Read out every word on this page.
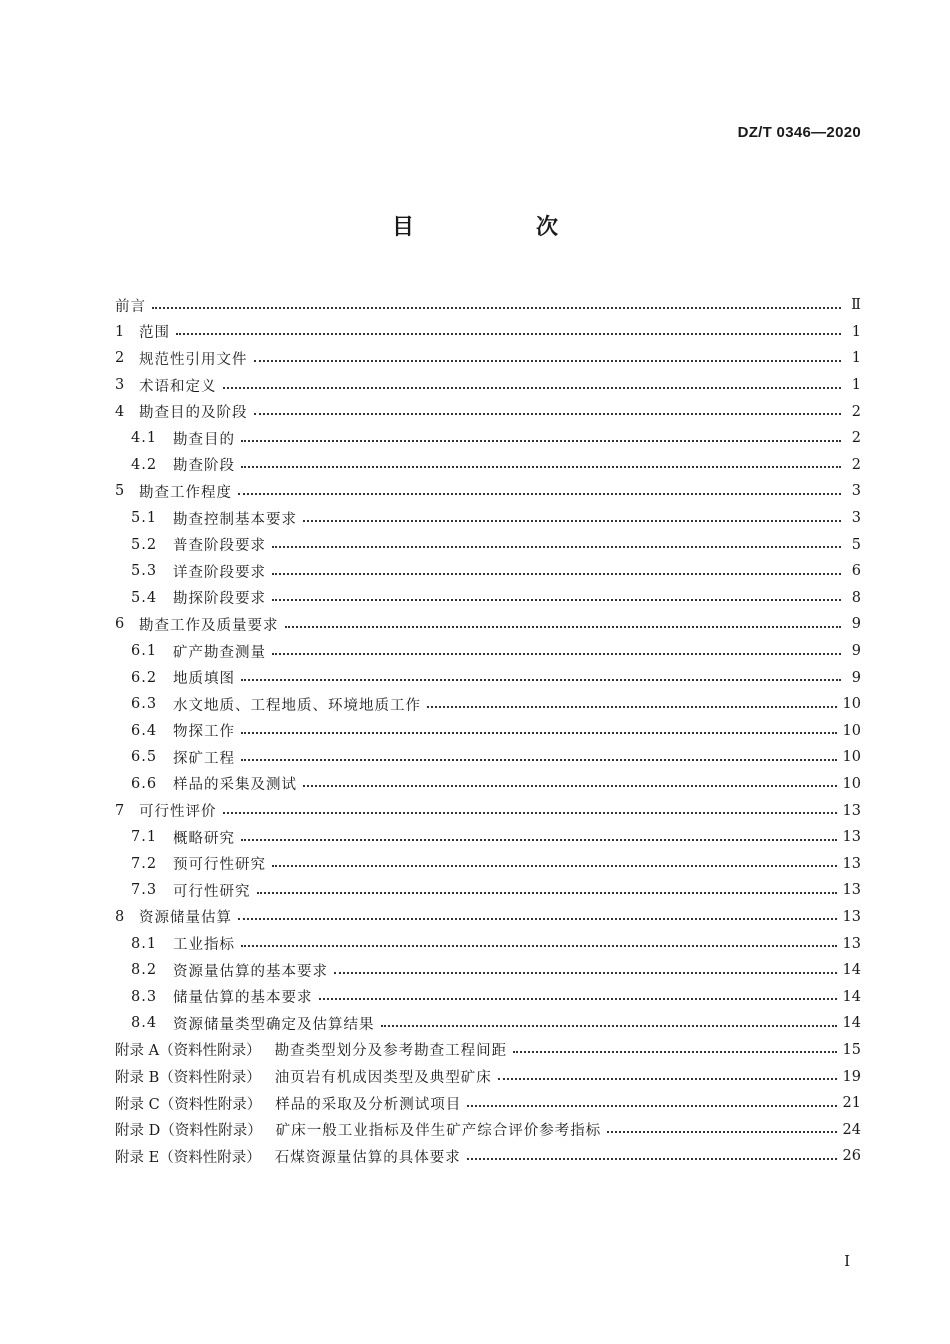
DZ/T 0346—2020
目　次
前言	Ⅱ
1	范围	1
2	规范性引用文件	1
3	术语和定义	1
4	勘查目的及阶段	2
4.1	勘查目的	2
4.2	勘查阶段	2
5	勘查工作程度	3
5.1	勘查控制基本要求	3
5.2	普查阶段要求	5
5.3	详查阶段要求	6
5.4	勘探阶段要求	8
6	勘查工作及质量要求	9
6.1	矿产勘查测量	9
6.2	地质填图	9
6.3	水文地质、工程地质、环境地质工作	10
6.4	物探工作	10
6.5	探矿工程	10
6.6	样品的采集及测试	10
7	可行性评价	13
7.1	概略研究	13
7.2	预可行性研究	13
7.3	可行性研究	13
8	资源储量估算	13
8.1	工业指标	13
8.2	资源量估算的基本要求	14
8.3	储量估算的基本要求	14
8.4	资源储量类型确定及估算结果	14
附录 A（资料性附录） 勘查类型划分及参考勘查工程间距	15
附录 B（资料性附录） 油页岩有机成因类型及典型矿床	19
附录 C（资料性附录） 样品的采取及分析测试项目	21
附录 D（资料性附录） 矿床一般工业指标及伴生矿产综合评价参考指标	24
附录 E（资料性附录） 石煤资源量估算的具体要求	26
I
